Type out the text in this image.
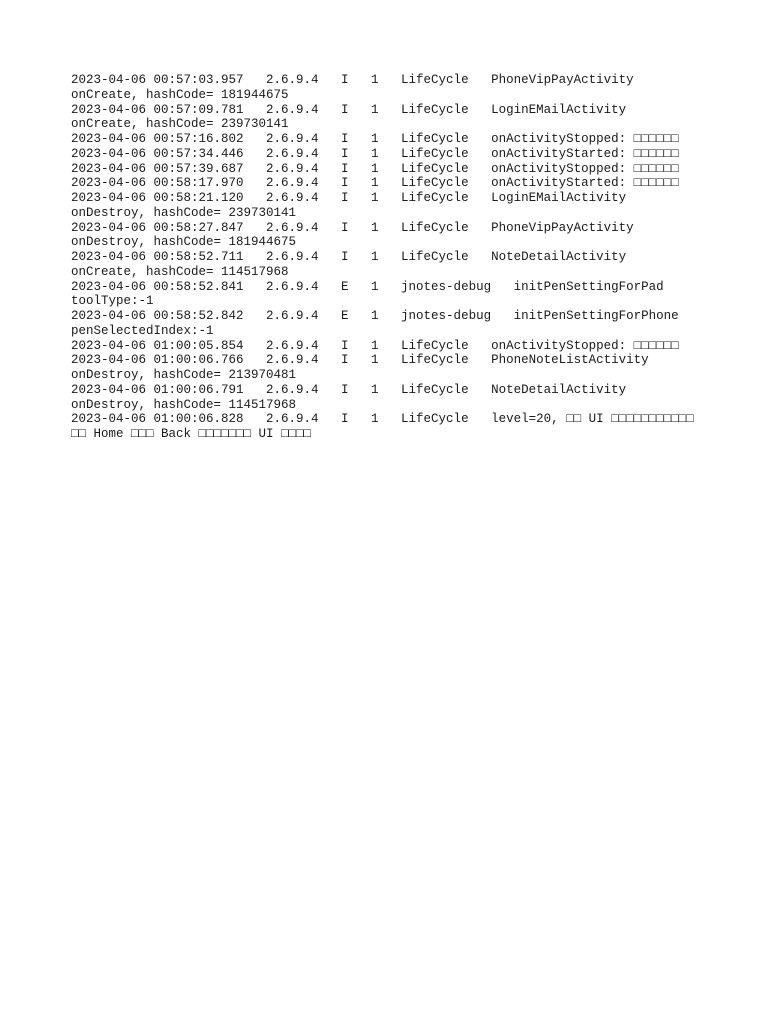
2023-04-06 00:57:03.957   2.6.9.4   I   1   LifeCycle   PhoneVipPayActivity
onCreate, hashCode= 181944675
2023-04-06 00:57:09.781   2.6.9.4   I   1   LifeCycle   LoginEMailActivity
onCreate, hashCode= 239730141
2023-04-06 00:57:16.802   2.6.9.4   I   1   LifeCycle   onActivityStopped: □□□□□□
2023-04-06 00:57:34.446   2.6.9.4   I   1   LifeCycle   onActivityStarted: □□□□□□
2023-04-06 00:57:39.687   2.6.9.4   I   1   LifeCycle   onActivityStopped: □□□□□□
2023-04-06 00:58:17.970   2.6.9.4   I   1   LifeCycle   onActivityStarted: □□□□□□
2023-04-06 00:58:21.120   2.6.9.4   I   1   LifeCycle   LoginEMailActivity
onDestroy, hashCode= 239730141
2023-04-06 00:58:27.847   2.6.9.4   I   1   LifeCycle   PhoneVipPayActivity
onDestroy, hashCode= 181944675
2023-04-06 00:58:52.711   2.6.9.4   I   1   LifeCycle   NoteDetailActivity
onCreate, hashCode= 114517968
2023-04-06 00:58:52.841   2.6.9.4   E   1   jnotes-debug   initPenSettingForPad
toolType:-1
2023-04-06 00:58:52.842   2.6.9.4   E   1   jnotes-debug   initPenSettingForPhone
penSelectedIndex:-1
2023-04-06 01:00:05.854   2.6.9.4   I   1   LifeCycle   onActivityStopped: □□□□□□
2023-04-06 01:00:06.766   2.6.9.4   I   1   LifeCycle   PhoneNoteListActivity
onDestroy, hashCode= 213970481
2023-04-06 01:00:06.791   2.6.9.4   I   1   LifeCycle   NoteDetailActivity
onDestroy, hashCode= 114517968
2023-04-06 01:00:06.828   2.6.9.4   I   1   LifeCycle   level=20, □□ UI □□□□□□□□□□□
□□ Home □□□ Back □□□□□□□ UI □□□□
